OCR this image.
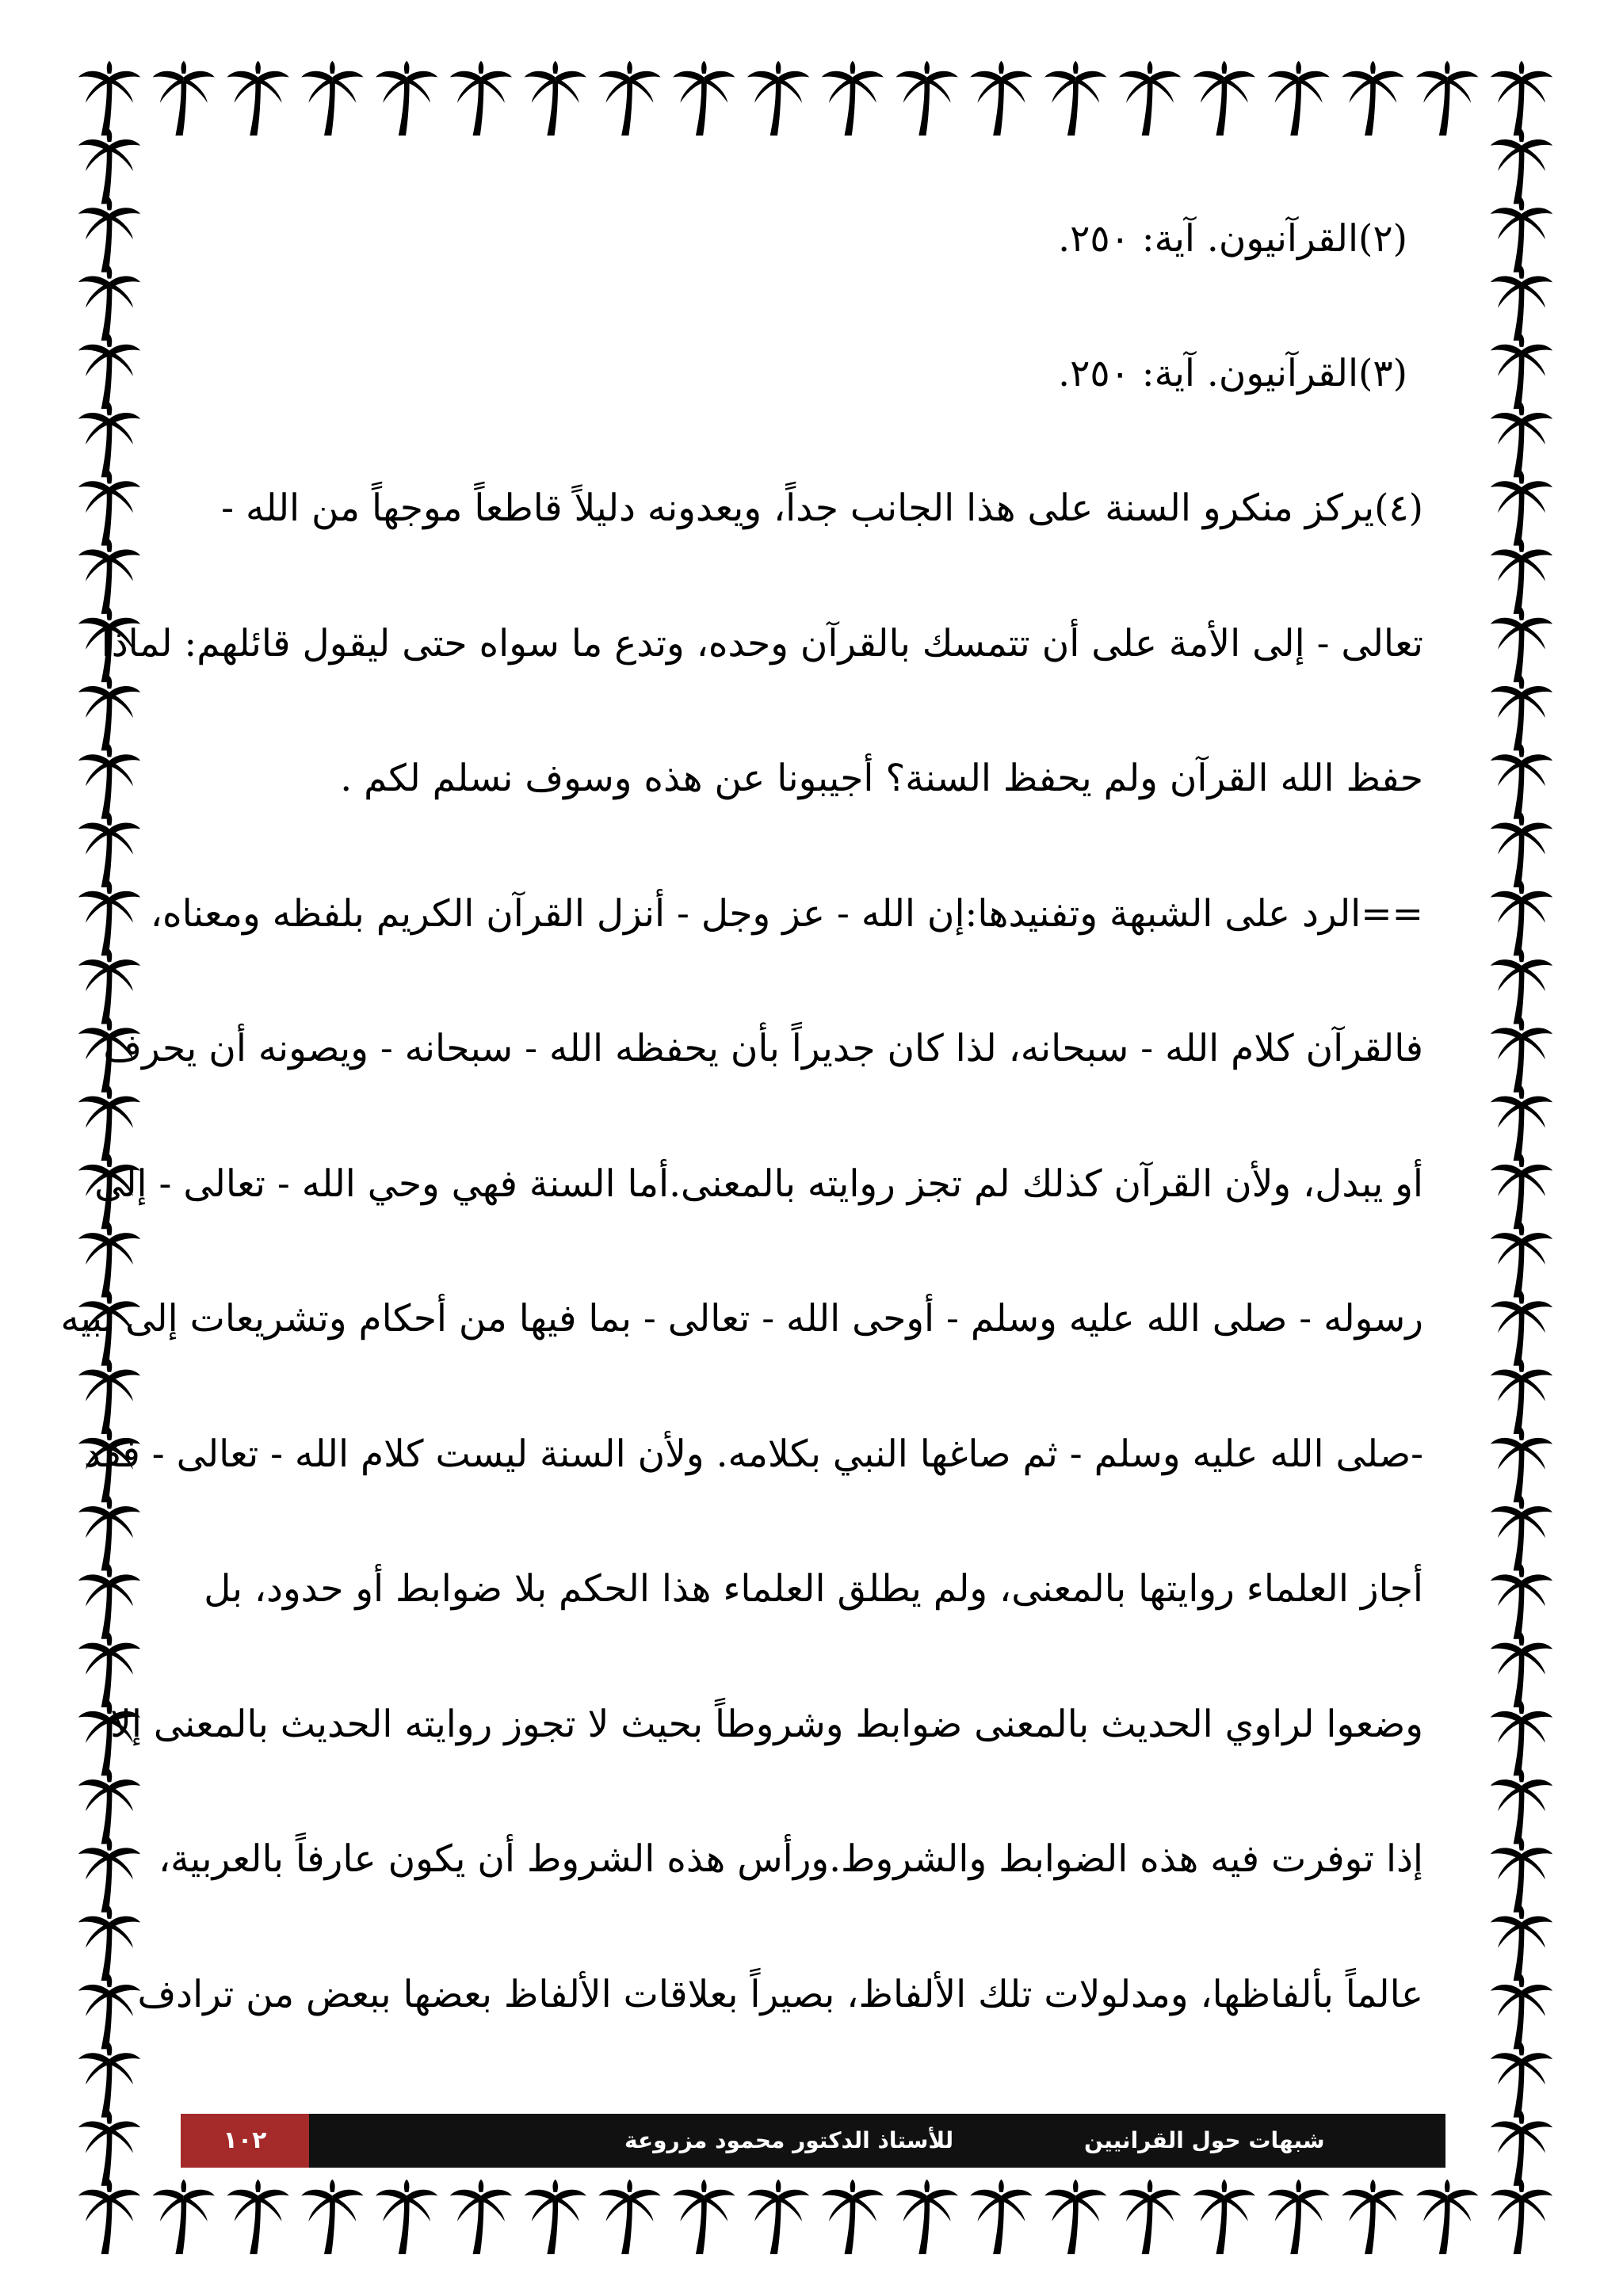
(٢)القرآنيون. آية: ٢٥٠.

(٣)القرآنيون. آية: ٢٥٠.

(٤)يركز منكرو السنة على هذا الجانب جداً، ويعدونه دليلاً قاطعاً موجهاً من الله -

تعالى - إلى الأمة على أن تتمسك بالقرآن وحده، وتدع ما سواه حتى ليقول قائلهم: لماذا

حفظ الله القرآن ولم يحفظ السنة؟ أجيبونا عن هذه وسوف نسلم لكم .

==الرد على الشبهة وتفنيدها:إن الله - عز وجل - أنزل القرآن الكريم بلفظه ومعناه،

فالقرآن كلام الله - سبحانه، لذا كان جديراً بأن يحفظه الله - سبحانه - ويصونه أن يحرف

أو يبدل، ولأن القرآن كذلك لم تجز روايته بالمعنى.أما السنة فهي وحي الله - تعالى - إلى

رسوله - صلى الله عليه وسلم - أوحى الله - تعالى - بما فيها من أحكام وتشريعات إلى نبيه

-صلى الله عليه وسلم - ثم صاغها النبي بكلامه. ولأن السنة ليست كلام الله - تعالى - فقد

أجاز العلماء روايتها بالمعنى، ولم يطلق العلماء هذا الحكم بلا ضوابط أو حدود، بل

وضعوا لراوي الحديث بالمعنى ضوابط وشروطاً بحيث لا تجوز روايته الحديث بالمعنى إلا

إذا توفرت فيه هذه الضوابط والشروط.ورأس هذه الشروط أن يكون عارفاً بالعربية،

عالماً بألفاظها، ومدلولات تلك الألفاظ، بصيراً بعلاقات الألفاظ بعضها ببعض من ترادف

١٠٢	للأستاذ الدكتور محمود مزروعة	شبهات حول القرانيين
